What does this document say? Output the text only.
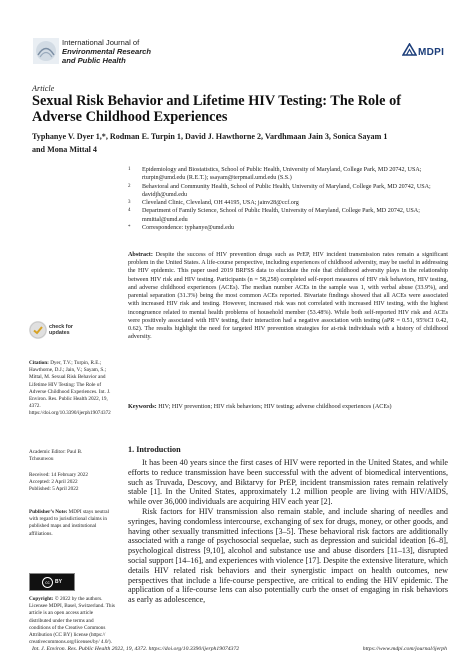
International Journal of
Environmental Research
and Public Health
MDPI
Article
Sexual Risk Behavior and Lifetime HIV Testing: The Role of Adverse Childhood Experiences
Typhanye V. Dyer 1,*, Rodman E. Turpin 1, David J. Hawthorne 2, Vardhmaan Jain 3, Sonica Sayam 1
and Mona Mittal 4
1	Epidemiology and Biostatistics, School of Public Health, University of Maryland, College Park, MD 20742, USA; rturpin@umd.edu (R.E.T.); ssayam@terpmail.umd.edu (S.S.)
2	Behavioral and Community Health, School of Public Health, University of Maryland, College Park, MD 20742, USA; davidjh@umd.edu
3	Cleveland Clinic, Cleveland, OH 44195, USA; jainv28@ccf.org
4	Department of Family Science, School of Public Health, University of Maryland, College Park, MD 20742, USA; mmittal@umd.edu
*	Correspondence: typhanye@umd.edu

Abstract: Despite the success of HIV prevention drugs such as PrEP, HIV incident transmission rates remain a significant problem in the United States. A life-course perspective, including experiences of childhood adversity, may be useful in addressing the HIV epidemic. This paper used 2019 BRFSS data to elucidate the role that childhood adversity plays in the relationship between HIV risk and HIV testing. Participants (n = 58,258) completed self-report measures of HIV risk behaviors, HIV testing, and adverse childhood experiences (ACEs). The median number ACEs in the sample was 1, with verbal abuse (33.9%), and parental separation (31.3%) being the most common ACEs reported. Bivariate findings showed that all ACEs were associated with increased HIV risk and testing. However, increased risk was not correlated with increased HIV testing, with the highest incongruence related to mental health problems of household member (53.48%). While both self-reported HIV risk and ACEs were positively associated with HIV testing, their interaction had a negative association with testing (aPR = 0.51, 95%CI 0.42, 0.62). The results highlight the need for targeted HIV prevention strategies for at-risk individuals with a history of childhood adversity.

Keywords: HIV; HIV prevention; HIV risk behaviors; HIV testing; adverse childhood experiences (ACEs)

check for
updates

Citation: Dyer, T.V.; Turpin, R.E.; Hawthorne, D.J.; Jain, V.; Sayam, S.; Mittal, M. Sexual Risk Behavior and Lifetime HIV Testing: The Role of Adverse Childhood Experiences. Int. J. Environ. Res. Public Health 2022, 19, 4372. https://doi.org/10.3390/ijerph19074372

Academic Editor: Paul B.

Tchounwou

Received: 14 February 2022

Accepted: 2 April 2022

Published: 5 April 2022

Publisher’s Note: MDPI stays neutral with regard to jurisdictional claims in published maps and institutional affiliations.

cc	BY

Copyright: © 2022 by the authors. Licensee MDPI, Basel, Switzerland. This article is an open access article distributed under the terms and conditions of the Creative Commons Attribution (CC BY) license (https:// creativecommons.org/licenses/by/ 4.0/).

1. Introduction

It has been 40 years since the first cases of HIV were reported in the United States, and while efforts to reduce transmission have been successful with the advent of biomedical interventions, such as Truvada, Descovy, and Biktarvy for PrEP, incident transmission rates remain relatively stable [1]. In the United States, approximately 1.2 million people are living with HIV/AIDS, while over 36,000 individuals are acquiring HIV each year [2].

Risk factors for HIV transmission also remain stable, and include sharing of needles and syringes, having condomless intercourse, exchanging of sex for drugs, money, or other goods, and having other sexually transmitted infections [3–5]. These behavioral risk factors are additionally associated with a range of psychosocial sequelae, such as depression and suicidal ideation [6–8], psychological distress [9,10], alcohol and substance use and abuse disorders [11–13], disrupted social support [14–16], and experiences with violence [17]. Despite the extensive literature, which details HIV related risk behaviors and their synergistic impact on health outcomes, new perspectives that include a life-course perspective, are critical to ending the HIV epidemic. The application of a life-course lens can also potentially curb the onset of engaging in risk behaviors as early as adolescence,

Int. J. Environ. Res. Public Health 2022, 19, 4372. https://doi.org/10.3390/ijerph19074372	https://www.mdpi.com/journal/ijerph
